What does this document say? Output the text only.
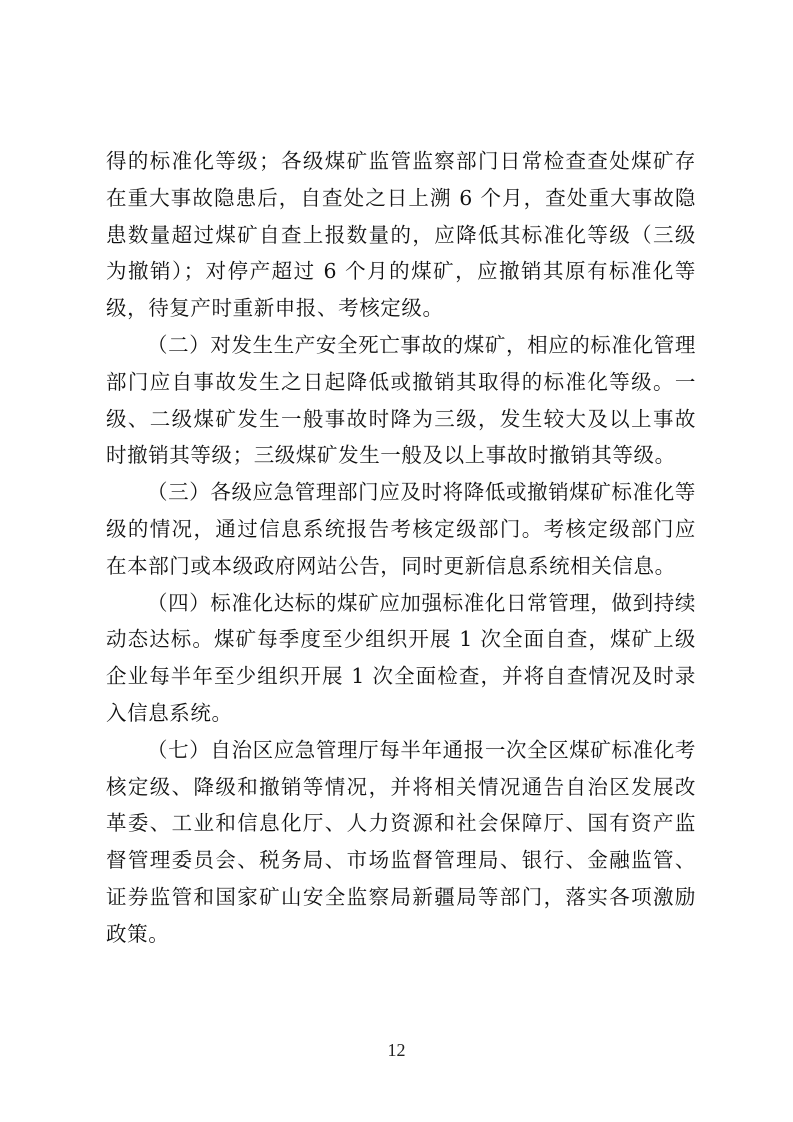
得的标准化等级；各级煤矿监管监察部门日常检查查处煤矿存在重大事故隐患后，自查处之日上溯 6 个月，查处重大事故隐患数量超过煤矿自查上报数量的，应降低其标准化等级（三级为撤销）；对停产超过 6 个月的煤矿，应撤销其原有标准化等级，待复产时重新申报、考核定级。

（二）对发生生产安全死亡事故的煤矿，相应的标准化管理部门应自事故发生之日起降低或撤销其取得的标准化等级。一级、二级煤矿发生一般事故时降为三级，发生较大及以上事故时撤销其等级；三级煤矿发生一般及以上事故时撤销其等级。

（三）各级应急管理部门应及时将降低或撤销煤矿标准化等级的情况，通过信息系统报告考核定级部门。考核定级部门应在本部门或本级政府网站公告，同时更新信息系统相关信息。

（四）标准化达标的煤矿应加强标准化日常管理，做到持续动态达标。煤矿每季度至少组织开展 1 次全面自查，煤矿上级企业每半年至少组织开展 1 次全面检查，并将自查情况及时录入信息系统。

（七）自治区应急管理厅每半年通报一次全区煤矿标准化考核定级、降级和撤销等情况，并将相关情况通告自治区发展改革委、工业和信息化厅、人力资源和社会保障厅、国有资产监督管理委员会、税务局、市场监督管理局、银行、金融监管、证券监管和国家矿山安全监察局新疆局等部门，落实各项激励政策。

12
